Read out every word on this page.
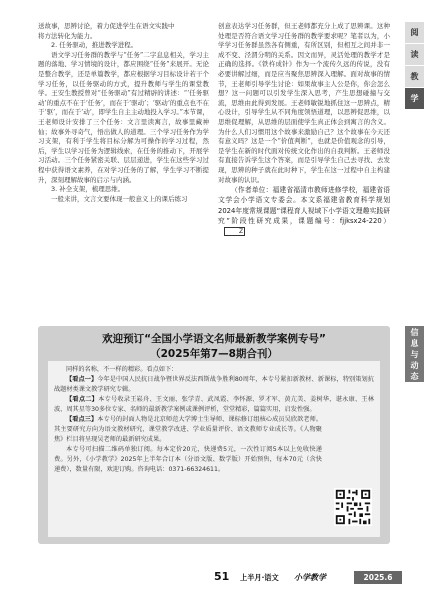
送故事，思辨讨论，着力促进学生在语文实践中

将方法转化为能力。

2. 任务驱动，推进教学进程。

语文学习任务群的教学与“任务”二字息息相关，学习主题的落地、学习情境的设计，都应围绕“任务”来展开。无论是整合教学，还是单篇教学，都应根据学习目标设计若干个学习任务，以任务驱动的方式，提升教师与学生的课堂教学。王安生教授曾对“任务驱动”有过精辟的讲述：“‘任务驱动’的重点不在于‘任务’，而在于‘驱动’；‘驱动’的重点也不在于‘驱’，而在于‘动’，即学生自主主动地投入学习。”本节课，王老师设计安排了三个任务：文言里读寓言，故事里藏神仙；故事外寻奇气，悟出做人的道理。三个学习任务作为学习支架，有利于学生将目标分解为可操作的学习过程，然后，学生以学习任务为逻辑线索，在任务的推动下，开展学习活动。三个任务紧密关联、层层递进，学生在这些学习过程中获得语文素养，在对学习任务的了解，学生学习不断提升，深刻理解故事的启示与内涵。

3. 补全支架，梳理思维。

一般来讲，文言文要体现一般意义上的课后练习

创意表达学习任务群，但王老师都充分上成了思辨课。这种处理是否符合语文学习任务群的教学要求呢？笔者以为，小学学习任务群虽然各有侧重，有所区别，但相互之间并非一成不变、泾渭分明的关系。因文而异，灵活处理的教学才是正确的选择。《铁杵成针》作为一个流传久远的传说，没有必要讲解过细，而是应当聚焦思辨深入理解。面对故事的情节，王老师引导学生讨论：如果故事主人公是你，你会怎么想？这一问题可以引发学生深入思考，产生思想碰撞与交流，思维由此得到发展。王老师敏锐地抓住这一思辨点，精心设计，引导学生从不同角度领悟道理，以思辨促思维，以思维促理解，从思维的层面使学生真正体会到寓言的含义。为什么人们习惯用这个故事来激励自己？这个故事在今天还有意义吗？这是一个“价值判断”，也就是价值观念的引导，是学生在新的时代面对传统文化作出的自我判断。王老师没有直接告诉学生这个答案，而是引导学生自己去寻找、去发现，思辨的种子就在此时种下，学生在这一过程中自主构建对故事的认识。

（作者单位：福建省福清市教师进修学校，福建省语文学会小学语文专委会。本文系福建省教育科学规划2024年度常规课题“课程育人视域下小学语文理趣实践研究”阶段性研究成果，课题编号：fjjksx24-220）Z

阅
读
教
学
信
息
与
动
态
欢迎预订“全国小学语文名师最新教学案例专号”
（2025年第7—8期合刊）

同样的名称，不一样的精彩。看点如下：

【看点一】今年是中国人民抗日战争暨世界反法西斯战争胜利80周年，本专号紧扣新教材、新课标，特别策划抗战题材类课文教学研究专辑。

【看点二】本专号收录王崧舟、王文丽、张学青、武凤霞、李怀源、罗才军、黄亢美、姜树华、谌永康、王林波、周其星等30多位专家、名师的最新教学案例或课例评析，堂堂精彩，篇篇实用，启发性强。

【看点三】本专号的封面人物是北京师范大学博士生导师、课标修订组核心成员吴欣歆老师。其主要研究方向为语文教材研究、课堂教学改进、学业质量评价、语文教师专业成长等。《人物聚焦》栏目将呈现吴老师的最新研究成果。

本专号可扫描二维码单独订阅。每本定价20元，快递费5元，一次性订阅5本以上免收快递费。另外，《小学教学》2025年上半年合订本（分语文版、数学版）开始预售，每本70元（含快递费），数量有限，欢迎订购。咨询电话：0371-66324611。

51 上半月·语文 小学教学	2025.6
